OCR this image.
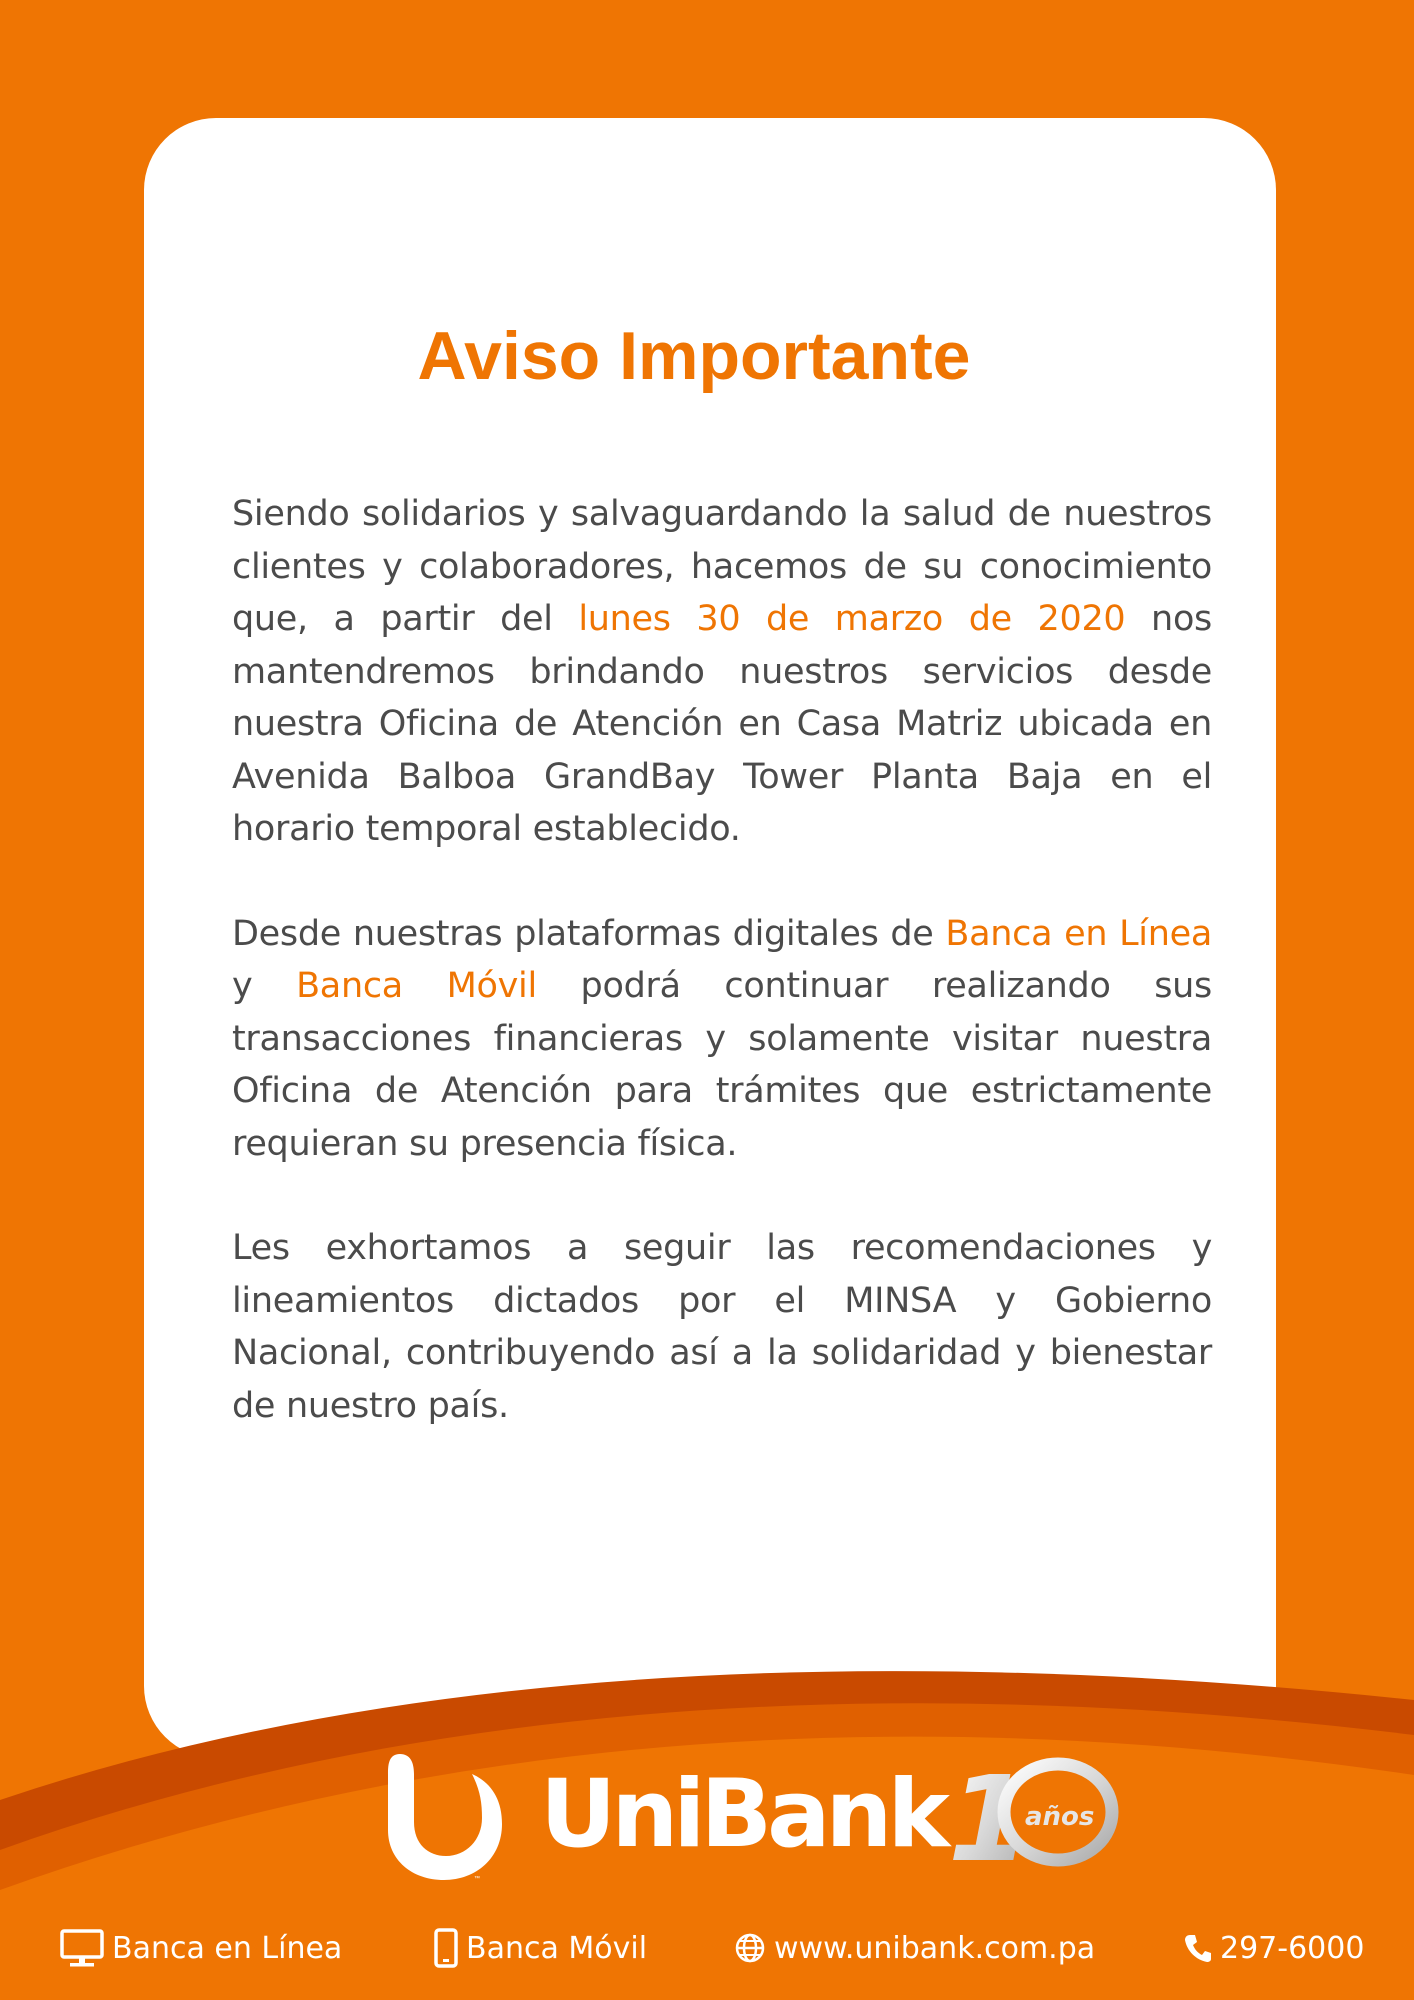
Aviso Importante

Siendo solidarios y salvaguardando la salud de nuestros clientes y colaboradores, hacemos de su conocimiento que, a partir del lunes 30 de marzo de 2020 nos mantendremos brindando nuestros servicios desde nuestra Oficina de Atención en Casa Matriz ubicada en Avenida Balboa GrandBay Tower Planta Baja en el horario temporal establecido.

Desde nuestras plataformas digitales de Banca en Línea y Banca Móvil podrá continuar realizando sus transacciones financieras y solamente visitar nuestra Oficina de Atención para trámites que estrictamente requieran su presencia física.

Les exhortamos a seguir las recomendaciones y lineamientos dictados por el MINSA y Gobierno Nacional, contribuyendo así a la solidaridad y bienestar de nuestro país.

UniBank
™	1
años
Banca en Línea	Banca Móvil	www.unibank.com.pa	297-6000
